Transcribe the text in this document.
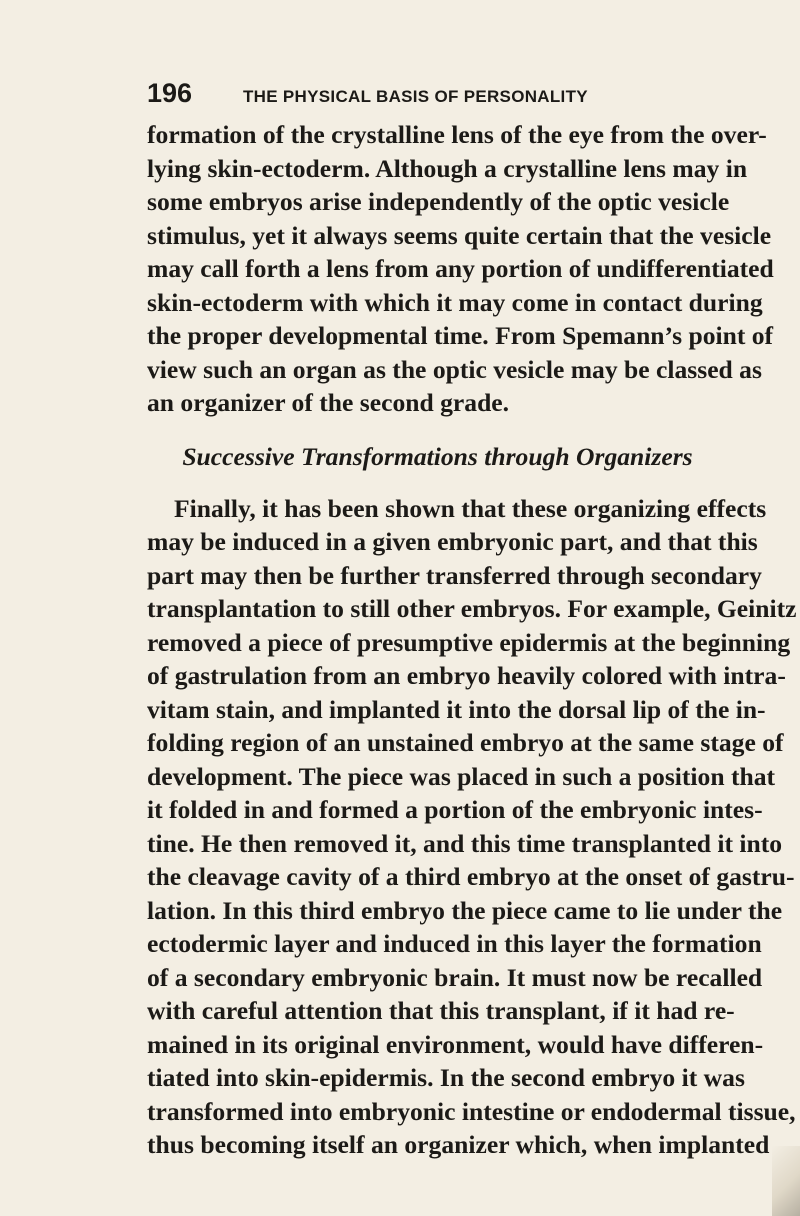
196	THE PHYSICAL BASIS OF PERSONALITY

formation of the crystalline lens of the eye from the over-
lying skin-ectoderm. Although a crystalline lens may in
some embryos arise independently of the optic vesicle
stimulus, yet it always seems quite certain that the vesicle
may call forth a lens from any portion of undifferentiated
skin-ectoderm with which it may come in contact during
the proper developmental time. From Spemann’s point of
view such an organ as the optic vesicle may be classed as
an organizer of the second grade.

Successive Transformations through Organizers

Finally, it has been shown that these organizing effects
may be induced in a given embryonic part, and that this
part may then be further transferred through secondary
transplantation to still other embryos. For example, Geinitz
removed a piece of presumptive epidermis at the beginning
of gastrulation from an embryo heavily colored with intra-
vitam stain, and implanted it into the dorsal lip of the in-
folding region of an unstained embryo at the same stage of
development. The piece was placed in such a position that
it folded in and formed a portion of the embryonic intes-
tine. He then removed it, and this time transplanted it into
the cleavage cavity of a third embryo at the onset of gastru-
lation. In this third embryo the piece came to lie under the
ectodermic layer and induced in this layer the formation
of a secondary embryonic brain. It must now be recalled
with careful attention that this transplant, if it had re-
mained in its original environment, would have differen-
tiated into skin-epidermis. In the second embryo it was
transformed into embryonic intestine or endodermal tissue,
thus becoming itself an organizer which, when implanted
